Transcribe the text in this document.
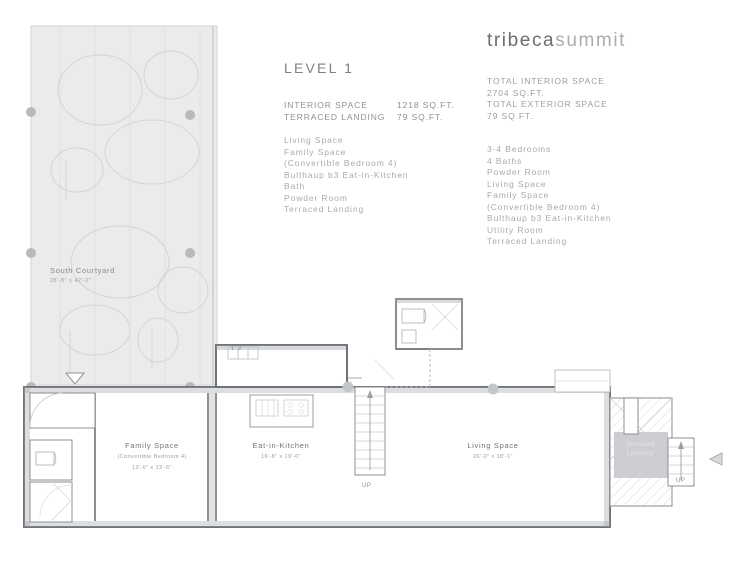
tribecasummit
LEVEL 1
INTERIOR SPACE	1218 SQ.FT.
TERRACED LANDING 79 SQ.FT.
Living Space
Family Space
(Convertible Bedroom 4)
Bulthaup b3 Eat-in-Kitchen
Bath
Powder Room
Terraced Landing
TOTAL INTERIOR SPACE
2704 SQ.FT.
TOTAL EXTERIOR SPACE
79 SQ.FT.
3-4 Bedrooms
4 Baths
Powder Room
Living Space
Family Space
(Convertible Bedroom 4)
Bulthaup b3 Eat-in-Kitchen
Utility Room
Terraced Landing
South Courtyard
28'-8" x 42'-0"
Family Space
(Convertible Bedroom 4)
13'-6" x 13'-6"
Eat-in-Kitchen
16'-8" x 19'-6"
Living Space
26'-0" x 18'-1"
Terraced
Landing
UP
UP
1 2
